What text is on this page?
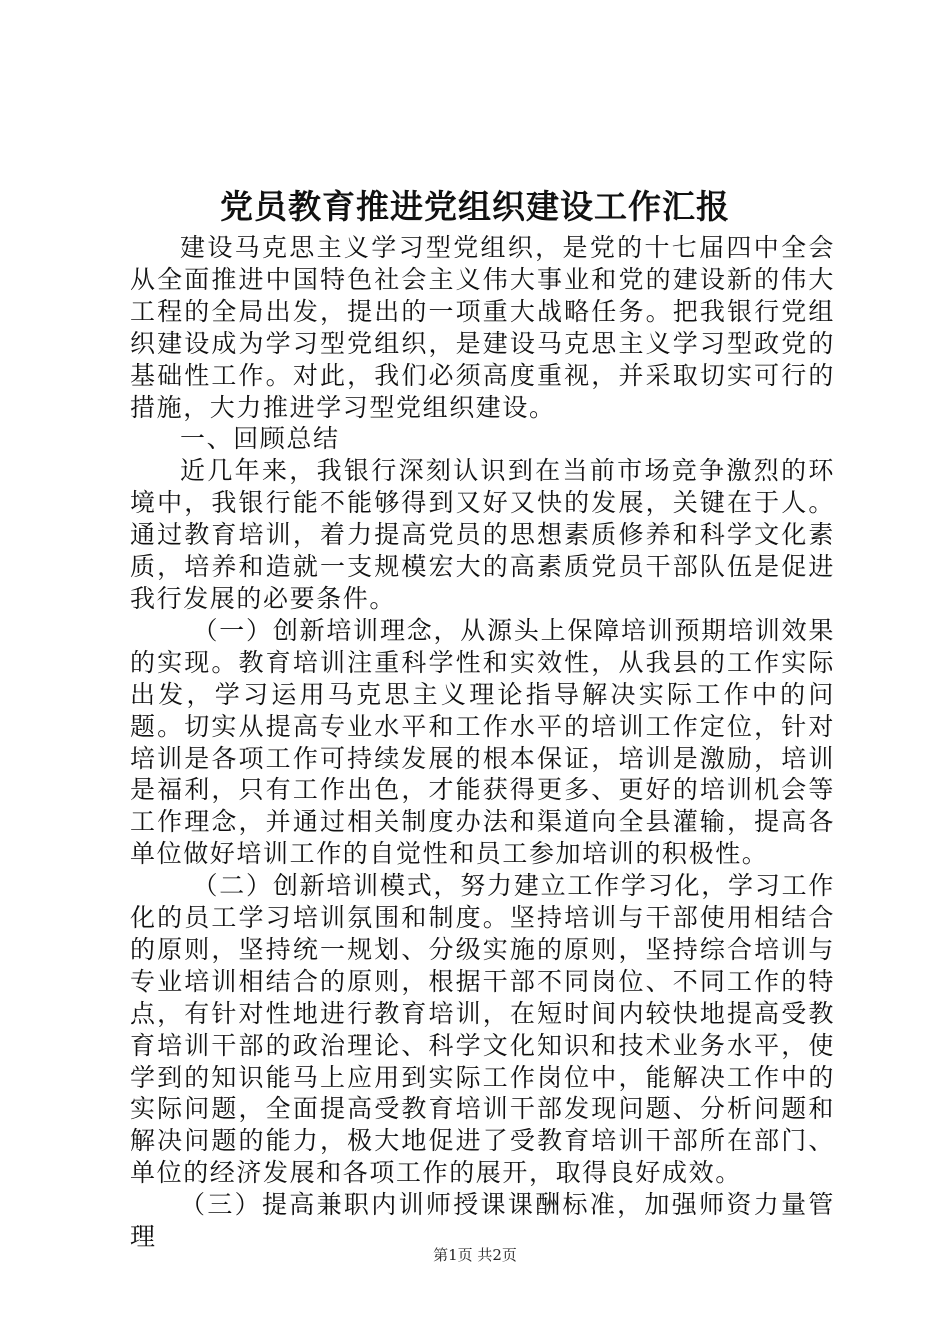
党员教育推进党组织建设工作汇报

建设马克思主义学习型党组织，是党的十七届四中全会从全面推进中国特色社会主义伟大事业和党的建设新的伟大工程的全局出发，提出的一项重大战略任务。把我银行党组织建设成为学习型党组织，是建设马克思主义学习型政党的基础性工作。对此，我们必须高度重视，并采取切实可行的措施，大力推进学习型党组织建设。

一、回顾总结

近几年来，我银行深刻认识到在当前市场竞争激烈的环境中，我银行能不能够得到又好又快的发展，关键在于人。通过教育培训，着力提高党员的思想素质修养和科学文化素质，培养和造就一支规模宏大的高素质党员干部队伍是促进我行发展的必要条件。

（一）创新培训理念，从源头上保障培训预期培训效果的实现。教育培训注重科学性和实效性，从我县的工作实际出发，学习运用马克思主义理论指导解决实际工作中的问题。切实从提高专业水平和工作水平的培训工作定位，针对培训是各项工作可持续发展的根本保证，培训是激励，培训是福利，只有工作出色，才能获得更多、更好的培训机会等工作理念，并通过相关制度办法和渠道向全县灌输，提高各单位做好培训工作的自觉性和员工参加培训的积极性。

（二）创新培训模式，努力建立工作学习化，学习工作化的员工学习培训氛围和制度。坚持培训与干部使用相结合的原则，坚持统一规划、分级实施的原则，坚持综合培训与专业培训相结合的原则，根据干部不同岗位、不同工作的特点，有针对性地进行教育培训，在短时间内较快地提高受教育培训干部的政治理论、科学文化知识和技术业务水平，使学到的知识能马上应用到实际工作岗位中，能解决工作中的实际问题，全面提高受教育培训干部发现问题、分析问题和解决问题的能力，极大地促进了受教育培训干部所在部门、单位的经济发展和各项工作的展开，取得良好成效。

（三）提高兼职内训师授课课酬标准，加强师资力量管理

第1页 共2页
